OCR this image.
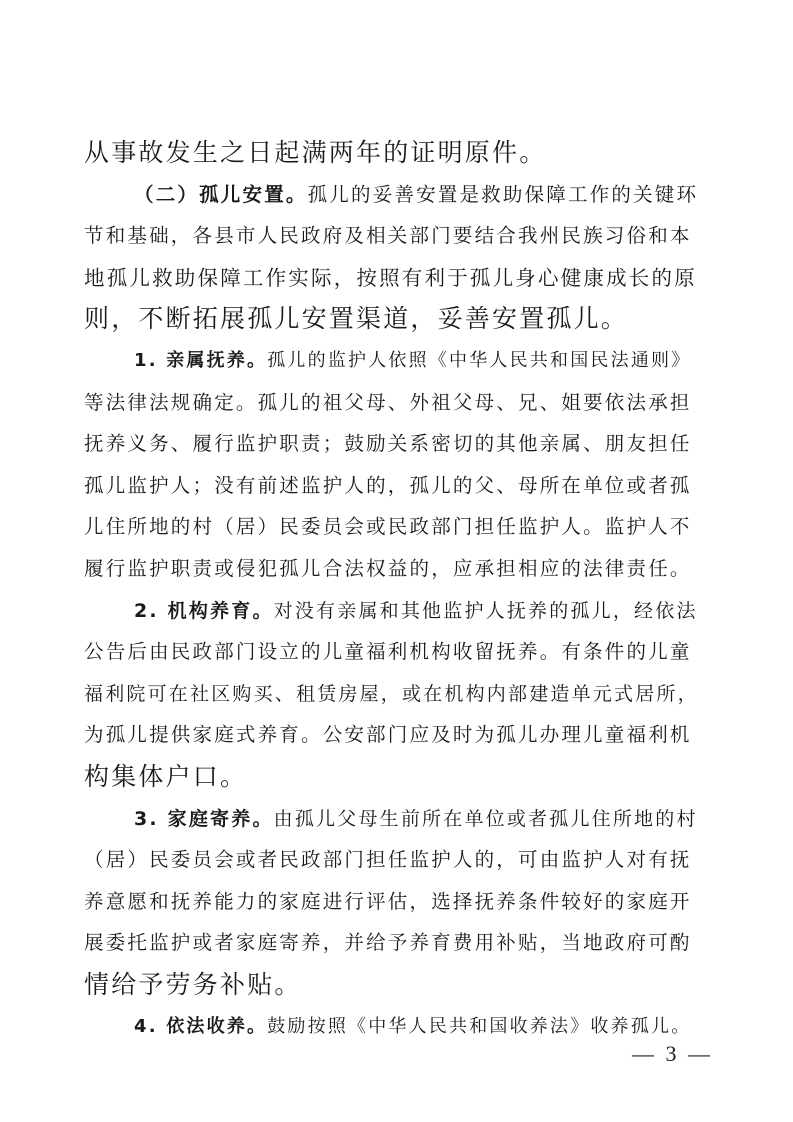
从事故发生之日起满两年的证明原件。
（二）孤儿安置。孤儿的妥善安置是救助保障工作的关键环
节和基础，各县市人民政府及相关部门要结合我州民族习俗和本
地孤儿救助保障工作实际，按照有利于孤儿身心健康成长的原
则，不断拓展孤儿安置渠道，妥善安置孤儿。
1. 亲属抚养。孤儿的监护人依照《中华人民共和国民法通则》
等法律法规确定。孤儿的祖父母、外祖父母、兄、姐要依法承担
抚养义务、履行监护职责；鼓励关系密切的其他亲属、朋友担任
孤儿监护人；没有前述监护人的，孤儿的父、母所在单位或者孤
儿住所地的村（居）民委员会或民政部门担任监护人。监护人不
履行监护职责或侵犯孤儿合法权益的，应承担相应的法律责任。
2. 机构养育。对没有亲属和其他监护人抚养的孤儿，经依法
公告后由民政部门设立的儿童福利机构收留抚养。有条件的儿童
福利院可在社区购买、租赁房屋，或在机构内部建造单元式居所，
为孤儿提供家庭式养育。公安部门应及时为孤儿办理儿童福利机
构集体户口。
3. 家庭寄养。由孤儿父母生前所在单位或者孤儿住所地的村
（居）民委员会或者民政部门担任监护人的，可由监护人对有抚
养意愿和抚养能力的家庭进行评估，选择抚养条件较好的家庭开
展委托监护或者家庭寄养，并给予养育费用补贴，当地政府可酌
情给予劳务补贴。
4. 依法收养。鼓励按照《中华人民共和国收养法》收养孤儿。
— 3 —
